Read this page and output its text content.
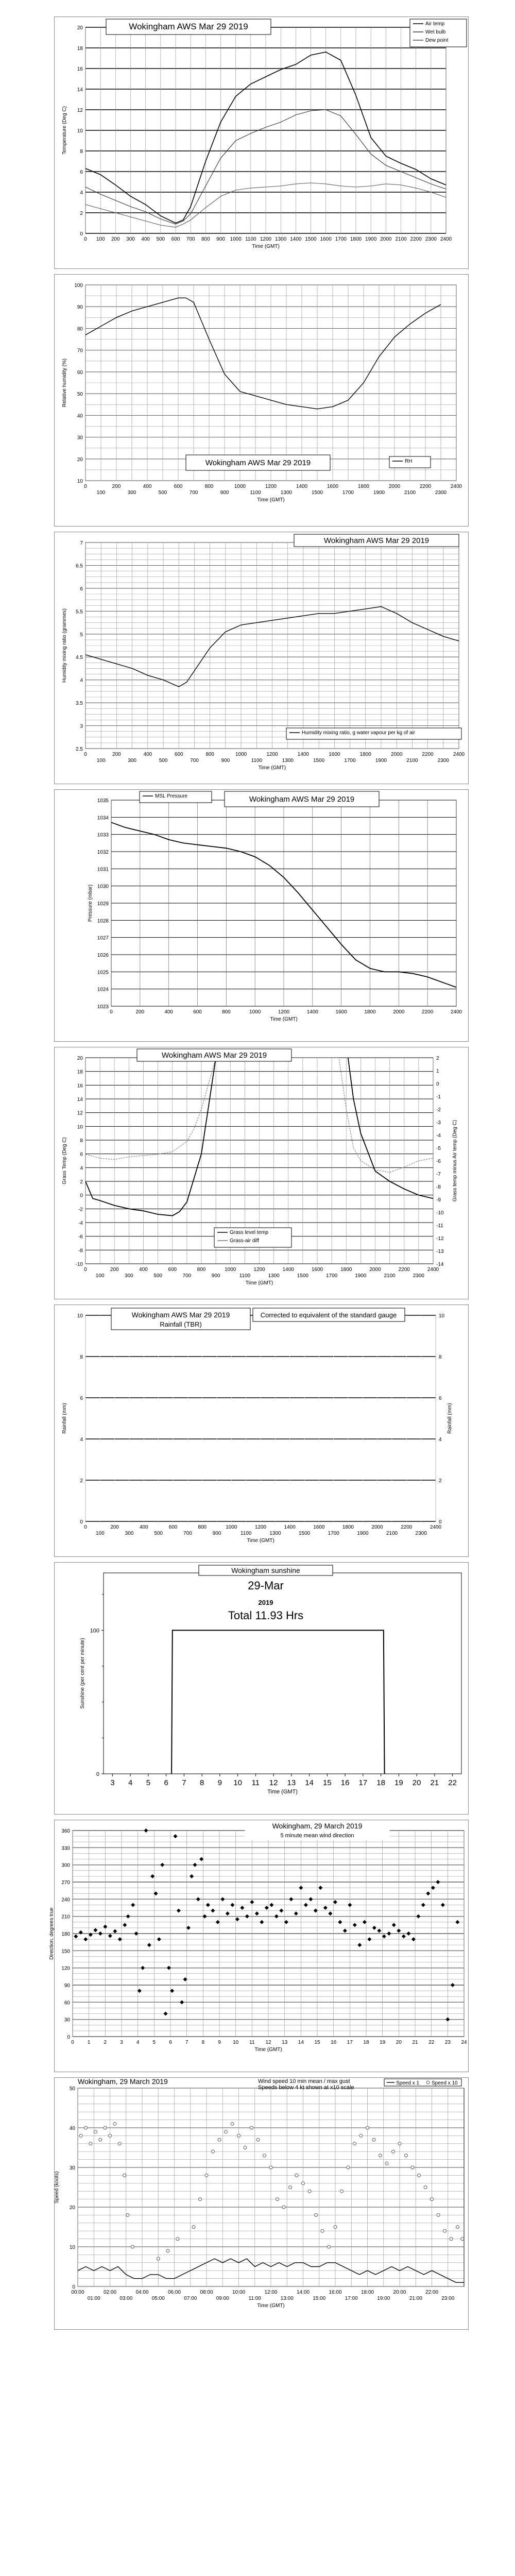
0
2
4
6
8
10
12
14
16
18
20
0 100 200 300 400 500 600 700 800 900 1000 1100 1200 1300 1400 1500 1600 1700 1800 1900 2000 2100 2200 2300 2400
Time (GMT)
Temperature (Deg C)
Wokingham AWS Mar 29 2019	Air temp
Wet bulb
Dew point
10
20
30
40
50
60
70
80
90
100
0	200	400	600	800	1000	1200	1400	1600	1800	2000	2200	2400
100	300	500	700	900	1100	1300	1500	1700	1900	2100	2300
Time (GMT)
Relative humidity (%)
Wokingham AWS Mar 29 2019	RH
2.5
3
3.5
4
4.5
5
5.5
6
6.5
7
0	200	400	600	800	1000	1200	1400	1600	1800	2000	2200	2400
100	300	500	700	900	1100	1300	1500	1700	1900	2100	2300
Time (GMT)
Humidity mixing ratio (grammes)
Wokingham AWS Mar 29 2019
Humidity mixing ratio, g water vapour per kg of air
1023
1024
1025
1026
1027
1028
1029
1030
1031
1032
1033
1034
1035
0	200	400	600	800	1000	1200	1400	1600	1800	2000	2200	2400
Time (GMT)
Pressure (mbar)
MSL Pressure	Wokingham AWS Mar 29 2019
-10
-8
-6
-4
-2
0
2
4
6
8
10
12
14
16
18
20
0	200	400	600	800	1000	1200	1400	1600	1800	2000	2200	2400
100	300	500	700	900	1100	1300	1500	1700	1900	2100	2300
Time (GMT)
Grass Temp (Deg C)
-14
-13
-12
-11
-10
-9
-8
-7
-6
-5
-4
-3
-2
-1
0
1
2
Grass temp minus Air temp (Deg C)
Wokingham AWS Mar 29 2019
Grass level temp
Grass-air diff
0
2
4
6
8
10
0	200	400	600	800	1000	1200	1400	1600	1800	2000	2200	2400
100	300	500	700	900	1100	1300	1500	1700	1900	2100	2300
Time (GMT)
Rainfall (mm)
0
2
4
6
8
10
Rainfall (mm)
Wokingham AWS Mar 29 2019
Rainfall (TBR)
Corrected to equivalent of the standard gauge
0
100
3 4 5 6 7 8 9 10 11 12 13 14 15 16 17 18 19 20 21 22
Time (GMT)
Sunshine (per cent per minute)
Wokingham sunshine
29-Mar
2019
Total 11.93 Hrs
0
30
60
90
120
150
180
210
240
270
300
330
360
0	1	2	3	4	5	6	7	8	9 10 11 12 13 14 15 16 17 18 19 20 21 22 23 24
Time (GMT)
Direction, degrees true
Wokingham, 29 March 2019
5 minute mean wind direction
0
10
20
30
40
50
00:00	02:00	04:00	06:00	08:00	10:00	12:00	14:00	16:00	18:00	20:00	22:00
01:00	03:00	05:00	07:00	09:00	11:00	13:00	15:00	17:00	19:00	21:00	23:00
Time (GMT)
Speed (knots)
Wokingham, 29 March 2019	Wind speed 10 min mean / max gust
Speeds below 4 kt shown at x10 scale
Speed x 1 Speed x 10
